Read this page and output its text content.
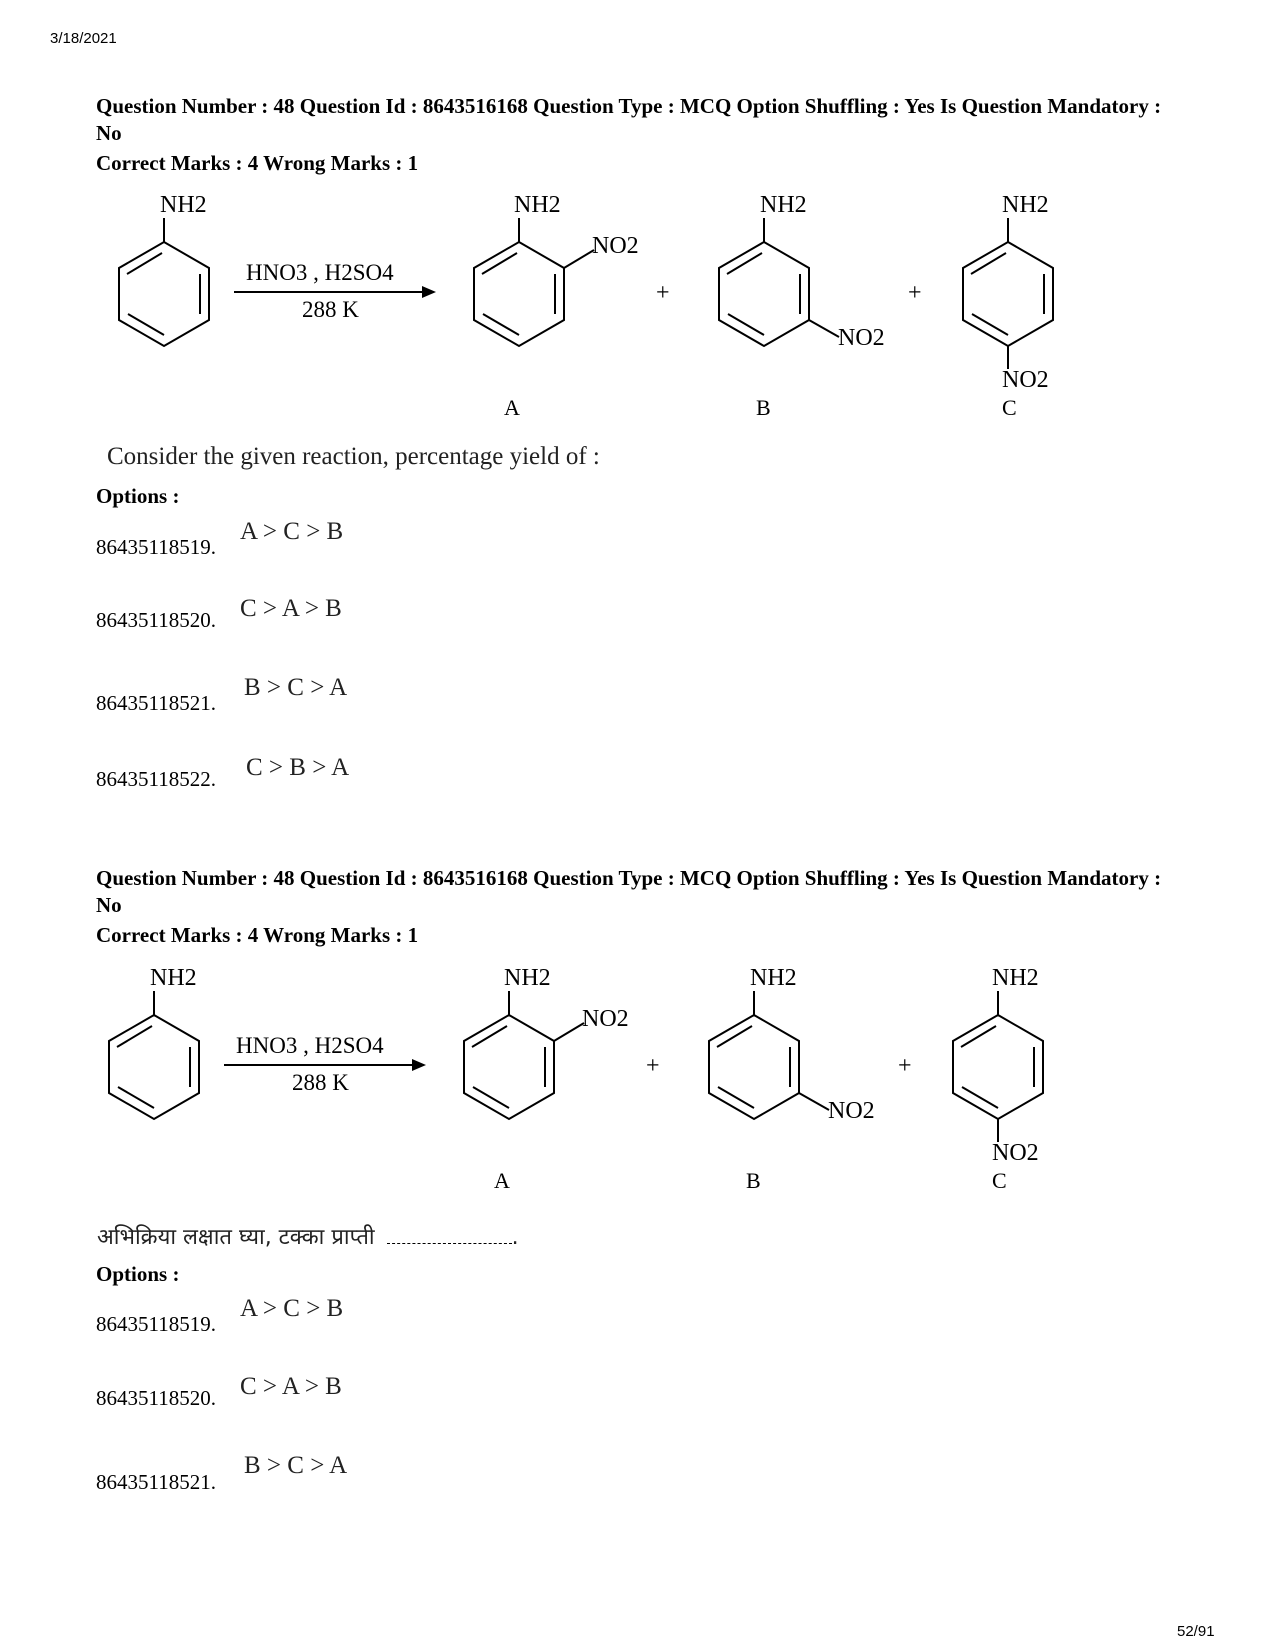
3/18/2021
Question Number : 48 Question Id : 8643516168 Question Type : MCQ Option Shuffling : Yes Is Question Mandatory : No
Correct Marks : 4 Wrong Marks : 1
NH2
HNO3 , H2SO4
288 K
NH2
NO2
A
+
NH2
NO2
B
+
NH2
NO2
C
Consider the given reaction, percentage yield of :
Options :
86435118519.
A > C > B
86435118520. C > A > B
86435118521.
B > C > A
86435118522. C > B > A
Question Number : 48 Question Id : 8643516168 Question Type : MCQ Option Shuffling : Yes Is Question Mandatory : No
Correct Marks : 4 Wrong Marks : 1
NH2
HNO3 , H2SO4
288 K
NH2
NO2
A
+
NH2
NO2
B
+
NH2
NO2
C
अभिक्रिया लक्षात घ्या, टक्का प्राप्ती	.
Options :
86435118519.
A > C > B
86435118520. C > A > B
86435118521.
B > C > A
52/91
